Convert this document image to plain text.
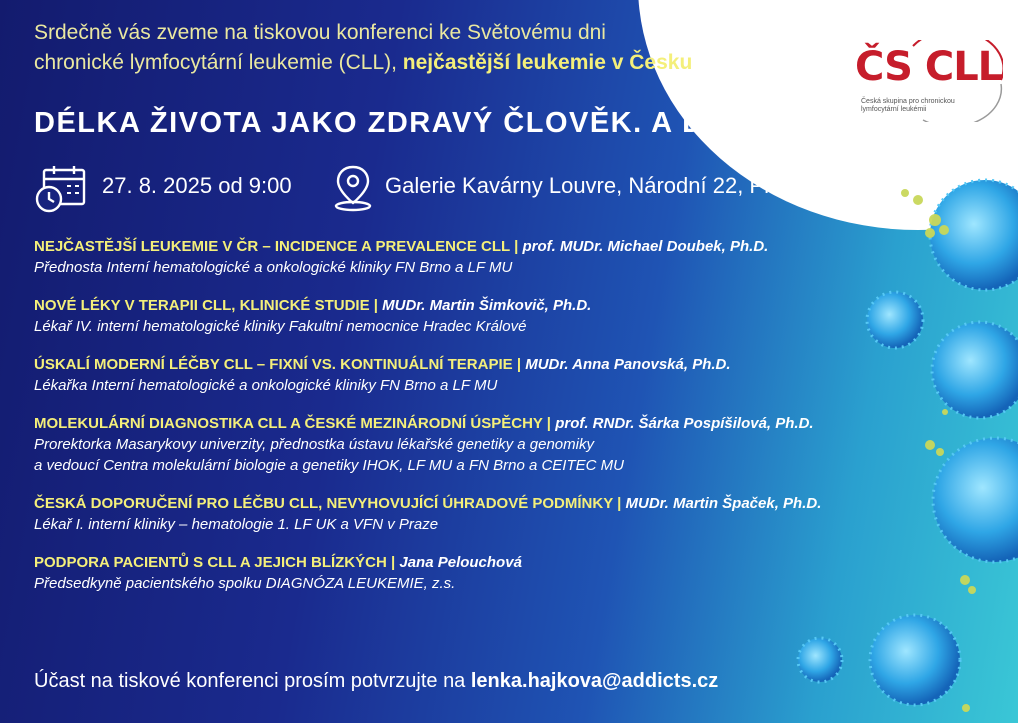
ČS CLL
Česká skupina pro chronickou lymfocytární leukémii
Srdečně vás zveme na tiskovou konferenci ke Světovému dni
chronické lymfocytární leukemie (CLL), nejčastější leukemie v Česku
DÉLKA ŽIVOTA JAKO ZDRAVÝ ČLOVĚK. A DÁL?
27. 8. 2025 od 9:00	Galerie Kavárny Louvre, Národní 22, Praha 1
NEJČASTĚJŠÍ LEUKEMIE V ČR – INCIDENCE A PREVALENCE CLL | prof. MUDr. Michael Doubek, Ph.D.
Přednosta Interní hematologické a onkologické kliniky FN Brno a LF MU
NOVÉ LÉKY V TERAPII CLL, KLINICKÉ STUDIE | MUDr. Martin Šimkovič, Ph.D.
Lékař IV. interní hematologické kliniky Fakultní nemocnice Hradec Králové
ÚSKALÍ MODERNÍ LÉČBY CLL – FIXNÍ VS. KONTINUÁLNÍ TERAPIE | MUDr. Anna Panovská, Ph.D.
Lékařka Interní hematologické a onkologické kliniky FN Brno a LF MU
MOLEKULÁRNÍ DIAGNOSTIKA CLL A ČESKÉ MEZINÁRODNÍ ÚSPĚCHY | prof. RNDr. Šárka Pospíšilová, Ph.D.
Prorektorka Masarykovy univerzity, přednostka ústavu lékařské genetiky a genomiky
a vedoucí Centra molekulární biologie a genetiky IHOK, LF MU a FN Brno a CEITEC MU
ČESKÁ DOPORUČENÍ PRO LÉČBU CLL, NEVYHOVUJÍCÍ ÚHRADOVÉ PODMÍNKY | MUDr. Martin Špaček, Ph.D.
Lékař I. interní kliniky – hematologie 1. LF UK a VFN v Praze
PODPORA PACIENTŮ S CLL A JEJICH BLÍZKÝCH | Jana Pelouchová
Předsedkyně pacientského spolku DIAGNÓZA LEUKEMIE, z.s.
Účast na tiskové konferenci prosím potvrzujte na lenka.hajkova@addicts.cz
